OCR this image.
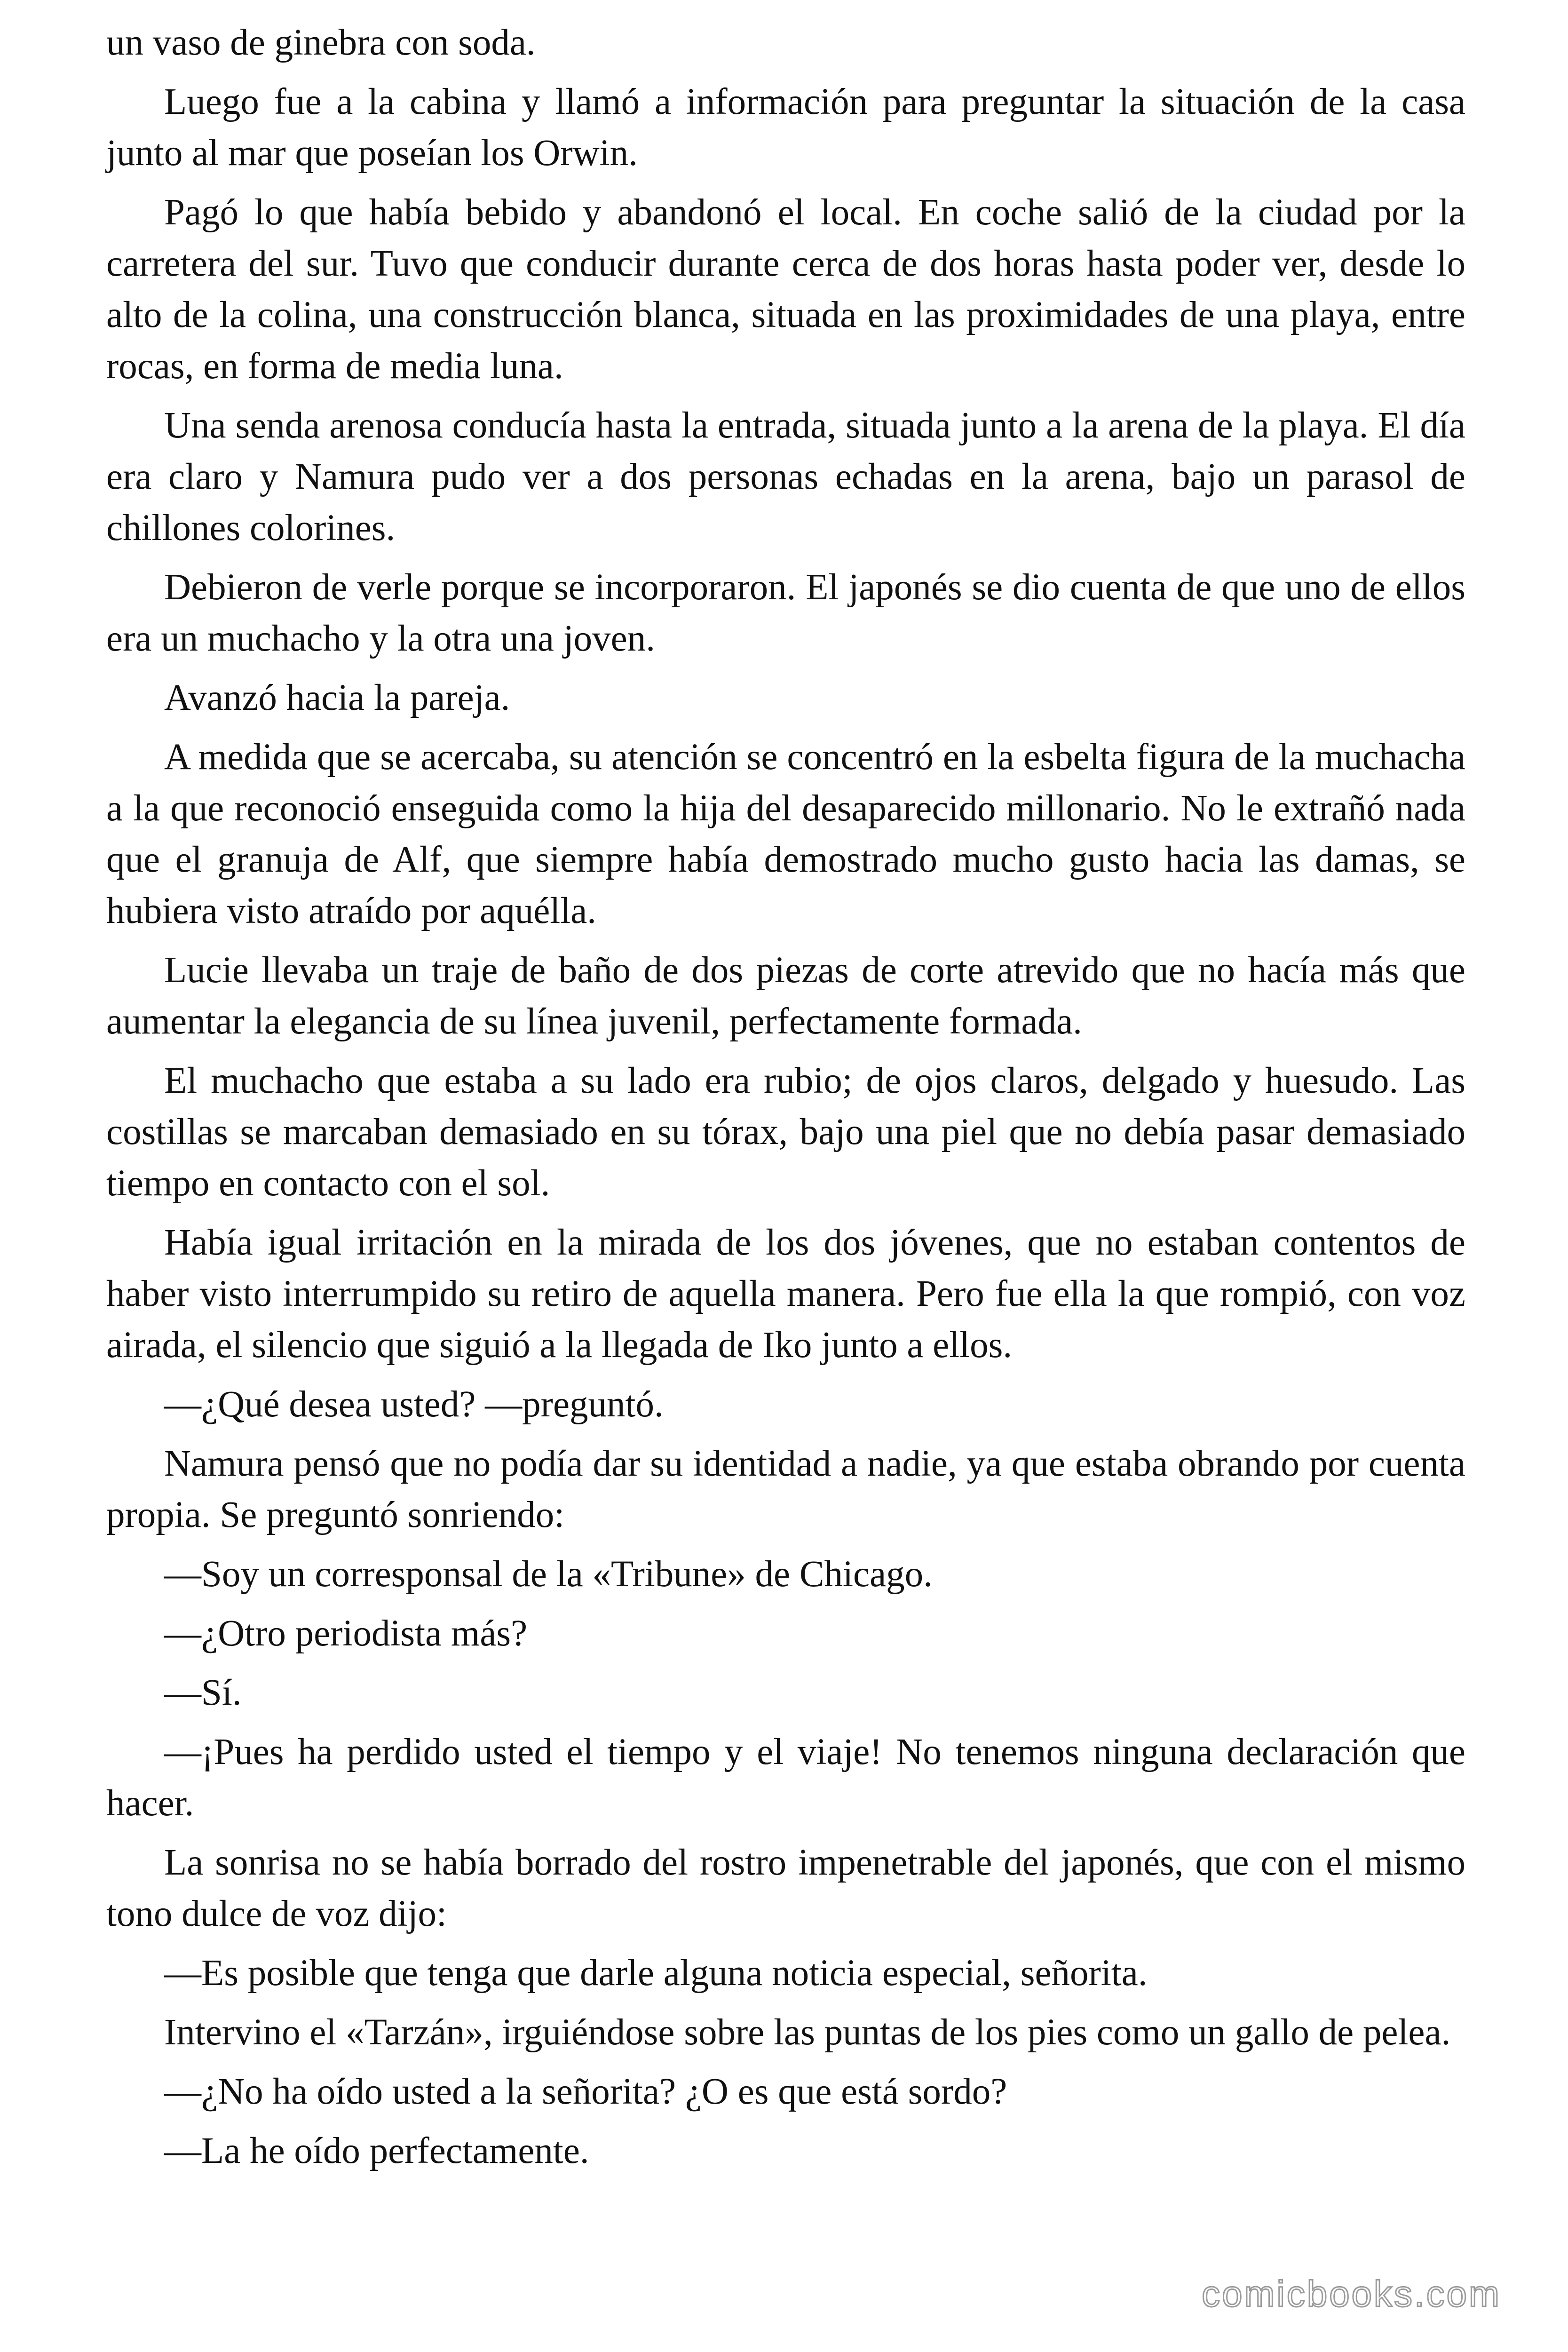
un vaso de ginebra con soda.

Luego fue a la cabina y llamó a información para preguntar la situación de la casa junto al mar que poseían los Orwin.

Pagó lo que había bebido y abandonó el local. En coche salió de la ciudad por la carretera del sur. Tuvo que conducir durante cerca de dos horas hasta poder ver, desde lo alto de la colina, una construcción blanca, situada en las proximidades de una playa, entre rocas, en forma de media luna.

Una senda arenosa conducía hasta la entrada, situada junto a la arena de la playa. El día era claro y Namura pudo ver a dos personas echadas en la arena, bajo un parasol de chillones colorines.

Debieron de verle porque se incorporaron. El japonés se dio cuenta de que uno de ellos era un muchacho y la otra una joven.

Avanzó hacia la pareja.

A medida que se acercaba, su atención se concentró en la esbelta figura de la muchacha a la que reconoció enseguida como la hija del desaparecido millonario. No le extrañó nada que el granuja de Alf, que siempre había demostrado mucho gusto hacia las damas, se hubiera visto atraído por aquélla.

Lucie llevaba un traje de baño de dos piezas de corte atrevido que no hacía más que aumentar la elegancia de su línea juvenil, perfectamente formada.

El muchacho que estaba a su lado era rubio; de ojos claros, delgado y huesudo. Las costillas se marcaban demasiado en su tórax, bajo una piel que no debía pasar demasiado tiempo en contacto con el sol.

Había igual irritación en la mirada de los dos jóvenes, que no estaban contentos de haber visto interrumpido su retiro de aquella manera. Pero fue ella la que rompió, con voz airada, el silencio que siguió a la llegada de Iko junto a ellos.

—¿Qué desea usted? —preguntó.

Namura pensó que no podía dar su identidad a nadie, ya que estaba obrando por cuenta propia. Se preguntó sonriendo:

—Soy un corresponsal de la «Tribune» de Chicago.

—¿Otro periodista más?

—Sí.

—¡Pues ha perdido usted el tiempo y el viaje! No tenemos ninguna declaración que hacer.

La sonrisa no se había borrado del rostro impenetrable del japonés, que con el mismo tono dulce de voz dijo:

—Es posible que tenga que darle alguna noticia especial, señorita.

Intervino el «Tarzán», irguiéndose sobre las puntas de los pies como un gallo de pelea.

—¿No ha oído usted a la señorita? ¿O es que está sordo?

—La he oído perfectamente.

comicbooks.com
